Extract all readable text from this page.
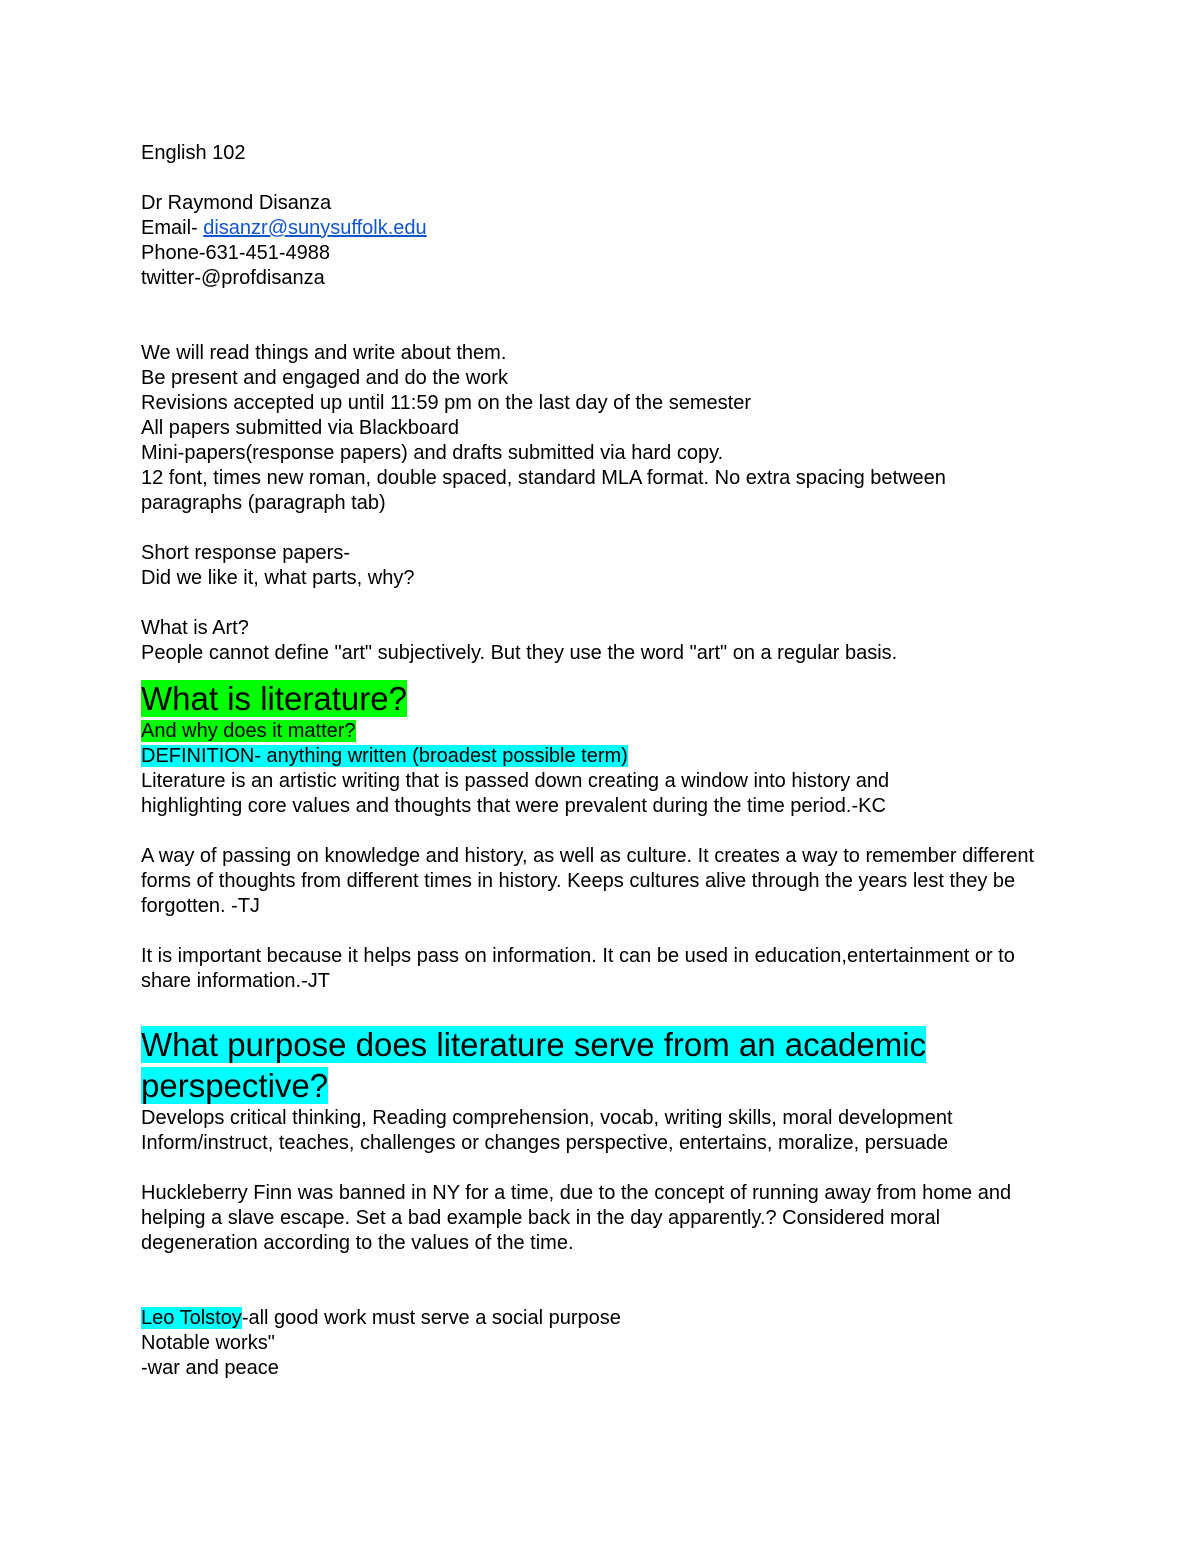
English 102
Dr Raymond Disanza
Email- disanzr@sunysuffolk.edu
Phone-631-451-4988
twitter-@profdisanza
We will read things and write about them.
Be present and engaged and do the work
Revisions accepted up until 11:59 pm on the last day of the semester
All papers submitted via Blackboard
Mini-papers(response papers) and drafts submitted via hard copy.
12 font, times new roman, double spaced, standard MLA format. No extra spacing between paragraphs (paragraph tab)
Short response papers-
Did we like it, what parts, why?
What is Art?
People cannot define "art" subjectively. But they use the word "art" on a regular basis.
What is literature?
And why does it matter?
DEFINITION- anything written (broadest possible term)
Literature is an artistic writing that is passed down creating a window into history and highlighting core values and thoughts that were prevalent during the time period.-KC
A way of passing on knowledge and history, as well as culture. It creates a way to remember different forms of thoughts from different times in history. Keeps cultures alive through the years lest they be forgotten. -TJ
It is important because it helps pass on information. It can be used in education,entertainment or to share information.-JT
What purpose does literature serve from an academic perspective?
Develops critical thinking, Reading comprehension, vocab, writing skills, moral development
Inform/instruct, teaches, challenges or changes perspective, entertains, moralize, persuade
Huckleberry Finn was banned in NY for a time, due to the concept of running away from home and helping a slave escape. Set a bad example back in the day apparently.? Considered moral degeneration according to the values of the time.
Leo Tolstoy-all good work must serve a social purpose
Notable works"
-war and peace
